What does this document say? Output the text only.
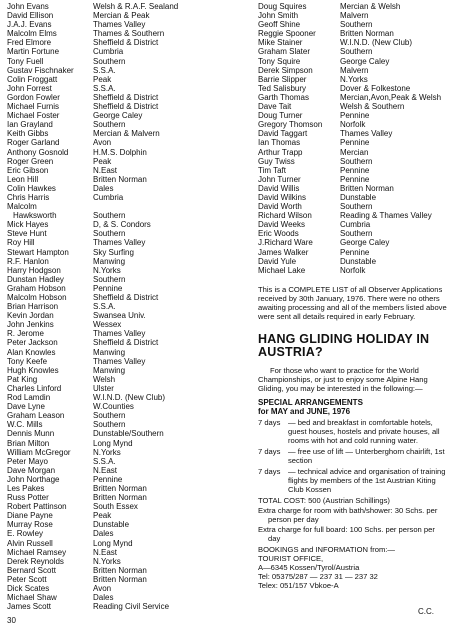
John Evans	Welsh & R.A.F. Sealand
David Ellison	Mercian & Peak
J.A.J. Evans	Thames Valley
Malcolm Elms	Thames & Southern
Fred Elmore	Sheffield & District
Martin Fortune	Cumbria
Tony Fuell	Southern
Gustav Fischnaker	S.S.A.
Colin Froggatt	Peak
John Forrest	S.S.A.
Gordon Fowler	Sheffield & District
Michael Furnis	Sheffield & District
Michael Foster	George Caley
Ian Grayland	Southern
Keith Gibbs	Mercian & Malvern
Roger Garland	Avon
Anthony Gosnold	H.M.S. Dolphin
Roger Green	Peak
Eric Gibson	N.East
Leon Hill	Britten Norman
Colin Hawkes	Dales
Chris Harris	Cumbria
Malcolm
Hawksworth	Southern
Mick Hayes	D, & S. Condors
Steve Hunt	Southern
Roy Hill	Thames Valley
Stewart Hampton	Sky Surfing
R.F. Hanlon	Manwing
Harry Hodgson	N.Yorks
Dunstan Hadley	Southern
Graham Hobson	Pennine
Malcolm Hobson	Sheffield & District
Brian Harrison	S.S.A.
Kevin Jordan	Swansea Univ.
John Jenkins	Wessex
R. Jerome	Thames Valley
Peter Jackson	Sheffield & District
Alan Knowles	Manwing
Tony Keefe	Thames Valley
Hugh Knowles	Manwing
Pat King	Welsh
Charles Linford	Ulster
Rod Lamdin	W.I.N.D. (New Club)
Dave Lyne	W.Counties
Graham Leason	Southern
W.C. Mills	Southern
Dennis Munn	Dunstable/Southern
Brian Milton	Long Mynd
William McGregor	N.Yorks
Peter Mayo	S.S.A.
Dave Morgan	N.East
John Northage	Pennine
Les Pakes	Britten Norman
Russ Potter	Britten Norman
Robert Pattinson	South Essex
Diane Payne	Peak
Murray Rose	Dunstable
E. Rowley	Dales
Alvin Russell	Long Mynd
Michael Ramsey	N.East
Derek Reynolds	N.Yorks
Bernard Scott	Britten Norman
Peter Scott	Britten Norman
Dick Scates	Avon
Michael Shaw	Dales
James Scott	Reading Civil Service
Doug Squires	Mercian & Welsh
John Smith	Malvern
Geoff Shine	Southern
Reggie Spooner	Britten Norman
Mike Stainer	W.I.N.D. (New Club)
Graham Slater	Southern
Tony Squire	George Caley
Derek Simpson	Malvern
Barrie Slipper	N.Yorks
Ted Salisbury	Dover & Folkestone
Garth Thomas	Mercian,Avon,Peak & Welsh
Dave Tait	Welsh & Southern
Doug Turner	Pennine
Gregory Thomson	Norfolk
David Taggart	Thames Valley
Ian Thomas	Pennine
Arthur Trapp	Mercian
Guy Twiss	Southern
Tim Taft	Pennine
John Turner	Pennine
David Willis	Britten Norman
David Wilkins	Dunstable
David Worth	Southern
Richard Wilson	Reading & Thames Valley
David Weeks	Cumbria
Eric Woods	Southern
J.Richard Ware	George Caley
James Walker	Pennine
David Yule	Dunstable
Michael Lake	Norfolk

This is a COMPLETE LIST of all Observer Applications received by 30th January, 1976. There were no others awaiting processing and all of the members listed above were sent all details required in early February.

HANG GLIDING HOLIDAY IN
AUSTRIA?

For those who want to practice for the World Championships, or just to enjoy some Alpine Hang Gliding, you may be interested in the following:—

SPECIAL ARRANGEMENTS
for MAY and JUNE, 1976
7 days	— bed and breakfast in comfortable hotels, guest houses, hostels and private houses, all rooms with hot and cold running water.
7 days	— free use of lift — Unterberghorn chairlift, 1st section
7 days	— technical advice and organisation of training flights by members of the 1st Austrian Kiting Club Kossen

TOTAL COST: 500 (Austrian Schillings)

Extra charge for room with bath/shower: 30 Schs. per person per day

Extra charge for full board: 100 Schs. per person per day

BOOKINGS and INFORMATION from:—

TOURIST OFFICE,
A—6345 Kossen/Tyrol/Austria
Tel: 05375/287 — 237 31 — 237 32
Telex: 051/157 Vbkoe-A
C.C.
30
